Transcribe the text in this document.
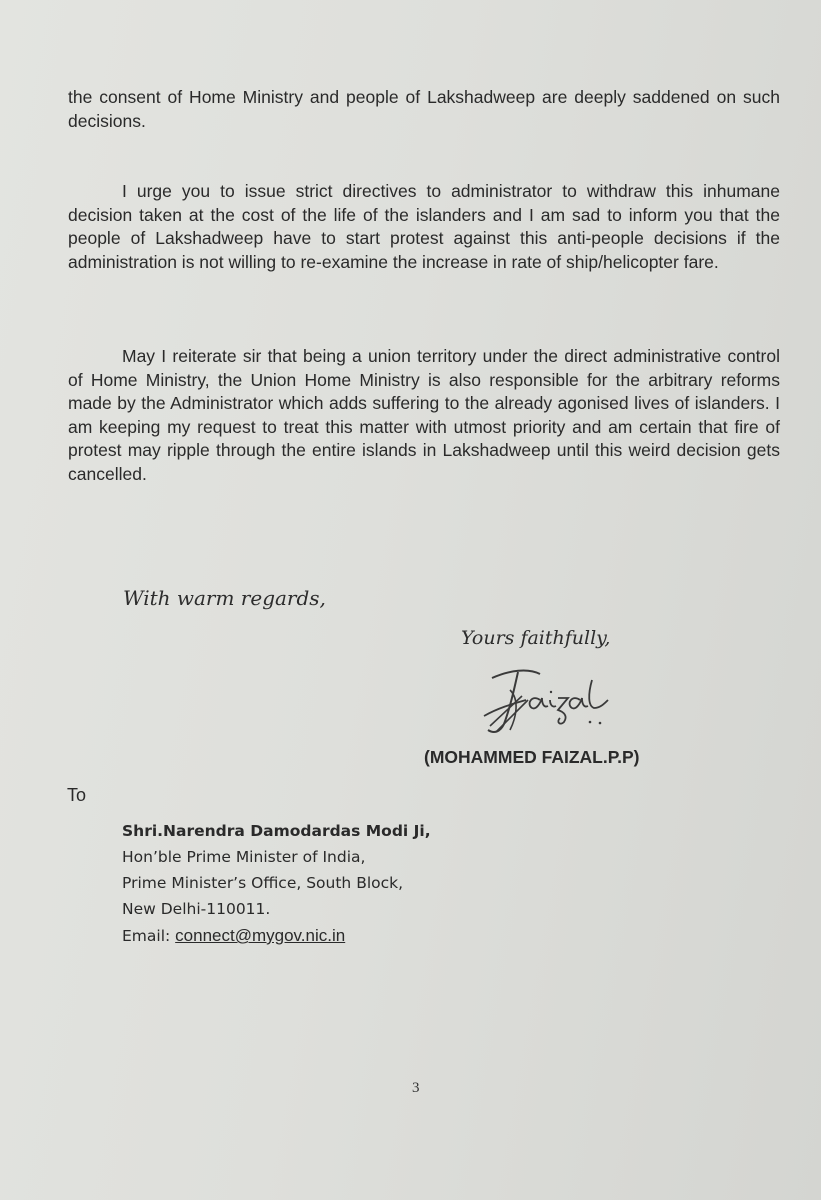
the consent of Home Ministry and people of Lakshadweep are deeply saddened on such decisions.

I urge you to issue strict directives to administrator to withdraw this inhumane decision taken at the cost of the life of the islanders and I am sad to inform you that the people of Lakshadweep have to start protest against this anti-people decisions if the administration is not willing to re-examine the increase in rate of ship/helicopter fare.

May I reiterate sir that being a union territory under the direct administrative control of Home Ministry, the Union Home Ministry is also responsible for the arbitrary reforms made by the Administrator which adds suffering to the already agonised lives of islanders. I am keeping my request to treat this matter with utmost priority and am certain that fire of protest may ripple through the entire islands in Lakshadweep until this weird decision gets cancelled.

With warm regards,
Yours faithfully,
(MOHAMMED FAIZAL.P.P)
To
Shri.Narendra Damodardas Modi Ji,
Hon’ble Prime Minister of India,
Prime Minister’s Office, South Block,
New Delhi-110011.
Email: connect@mygov.nic.in
3
